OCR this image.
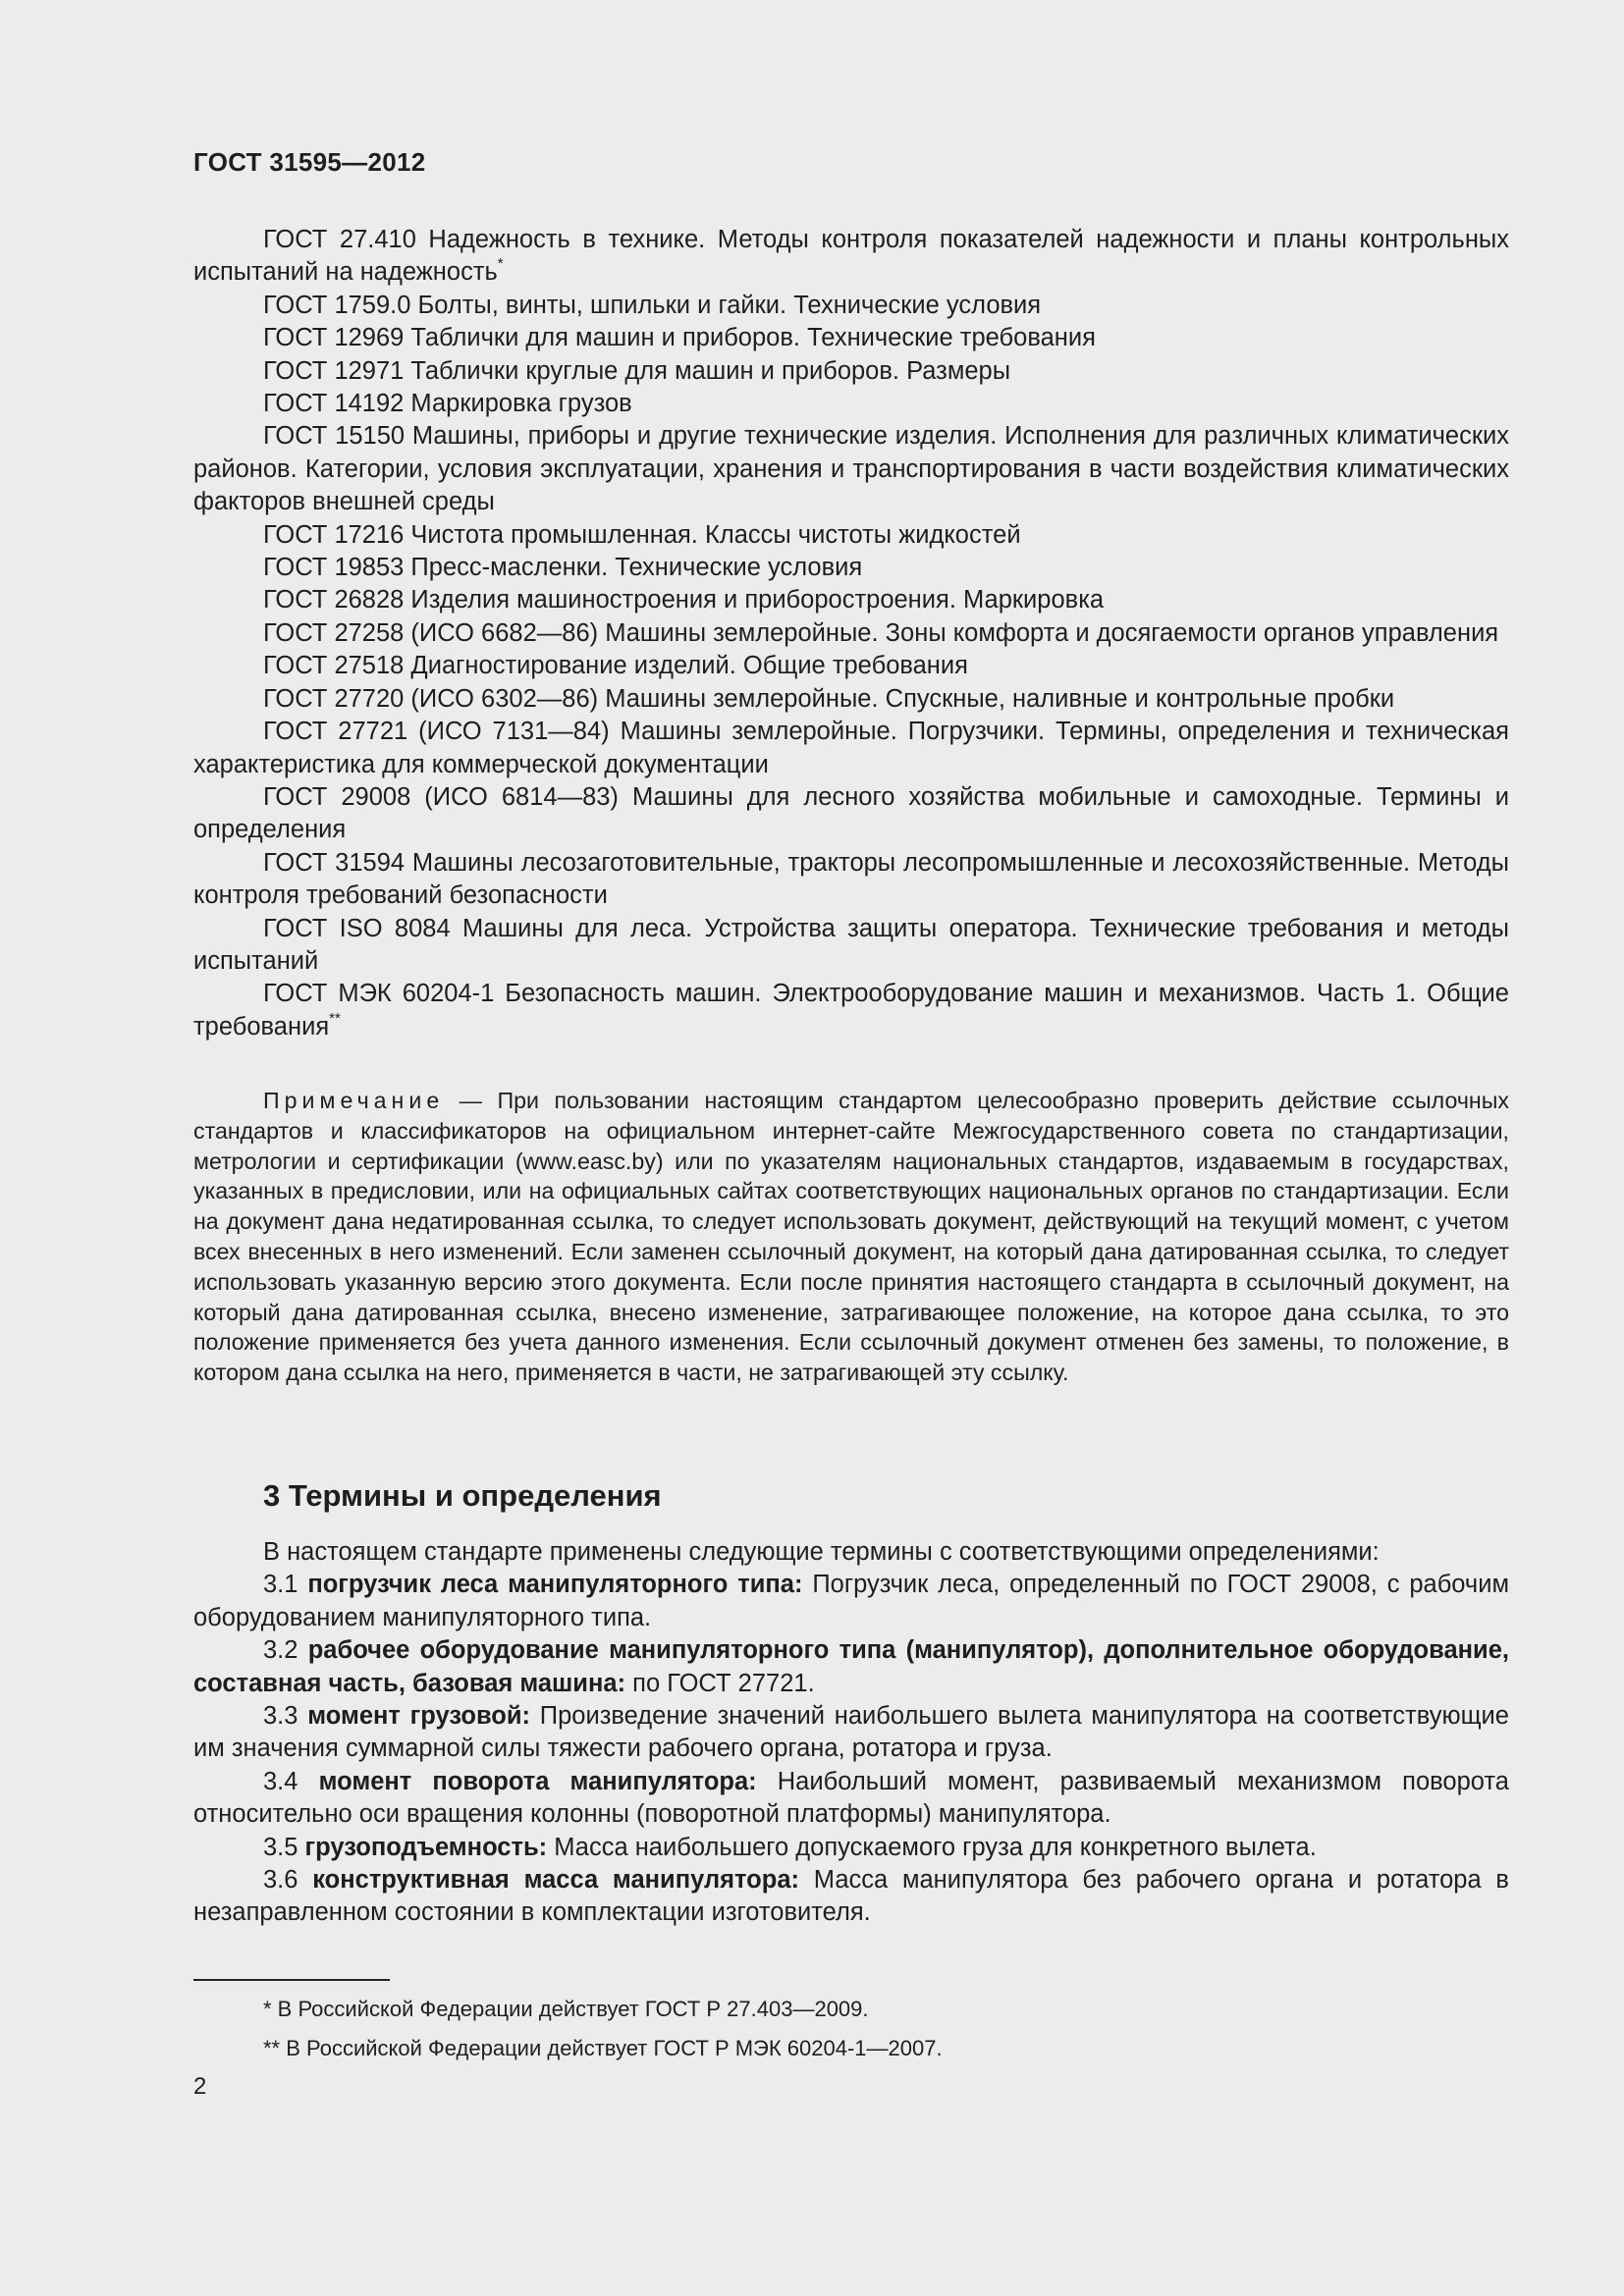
ГОСТ 31595—2012

ГОСТ 27.410 Надежность в технике. Методы контроля показателей надежности и планы контрольных испытаний на надежность*

ГОСТ 1759.0 Болты, винты, шпильки и гайки. Технические условия

ГОСТ 12969 Таблички для машин и приборов. Технические требования

ГОСТ 12971 Таблички круглые для машин и приборов. Размеры

ГОСТ 14192 Маркировка грузов

ГОСТ 15150 Машины, приборы и другие технические изделия. Исполнения для различных климатических районов. Категории, условия эксплуатации, хранения и транспортирования в части воздействия климатических факторов внешней среды

ГОСТ 17216 Чистота промышленная. Классы чистоты жидкостей

ГОСТ 19853 Пресс-масленки. Технические условия

ГОСТ 26828 Изделия машиностроения и приборостроения. Маркировка

ГОСТ 27258 (ИСО 6682—86) Машины землеройные. Зоны комфорта и досягаемости органов управления

ГОСТ 27518 Диагностирование изделий. Общие требования

ГОСТ 27720 (ИСО 6302—86) Машины землеройные. Спускные, наливные и контрольные пробки

ГОСТ 27721 (ИСО 7131—84) Машины землеройные. Погрузчики. Термины, определения и техническая характеристика для коммерческой документации

ГОСТ 29008 (ИСО 6814—83) Машины для лесного хозяйства мобильные и самоходные. Термины и определения

ГОСТ 31594 Машины лесозаготовительные, тракторы лесопромышленные и лесохозяйственные. Методы контроля требований безопасности

ГОСТ ISO 8084 Машины для леса. Устройства защиты оператора. Технические требования и методы испытаний

ГОСТ МЭК 60204-1 Безопасность машин. Электрооборудование машин и механизмов. Часть 1. Общие требования**

Примечание — При пользовании настоящим стандартом целесообразно проверить действие ссылочных стандартов и классификаторов на официальном интернет-сайте Межгосударственного совета по стандартизации, метрологии и сертификации (www.easc.by) или по указателям национальных стандартов, издаваемым в государствах, указанных в предисловии, или на официальных сайтах соответствующих национальных органов по стандартизации. Если на документ дана недатированная ссылка, то следует использовать документ, действующий на текущий момент, с учетом всех внесенных в него изменений. Если заменен ссылочный документ, на который дана датированная ссылка, то следует использовать указанную версию этого документа. Если после принятия настоящего стандарта в ссылочный документ, на который дана датированная ссылка, внесено изменение, затрагивающее положение, на которое дана ссылка, то это положение применяется без учета данного изменения. Если ссылочный документ отменен без замены, то положение, в котором дана ссылка на него, применяется в части, не затрагивающей эту ссылку.

3 Термины и определения

В настоящем стандарте применены следующие термины с соответствующими определениями:

3.1 погрузчик леса манипуляторного типа: Погрузчик леса, определенный по ГОСТ 29008, с рабочим оборудованием манипуляторного типа.

3.2 рабочее оборудование манипуляторного типа (манипулятор), дополнительное оборудование, составная часть, базовая машина: по ГОСТ 27721.

3.3 момент грузовой: Произведение значений наибольшего вылета манипулятора на соответствующие им значения суммарной силы тяжести рабочего органа, ротатора и груза.

3.4 момент поворота манипулятора: Наибольший момент, развиваемый механизмом поворота относительно оси вращения колонны (поворотной платформы) манипулятора.

3.5 грузоподъемность: Масса наибольшего допускаемого груза для конкретного вылета.

3.6 конструктивная масса манипулятора: Масса манипулятора без рабочего органа и ротатора в незаправленном состоянии в комплектации изготовителя.

* В Российской Федерации действует ГОСТ Р 27.403—2009.
** В Российской Федерации действует ГОСТ Р МЭК 60204-1—2007.
2
